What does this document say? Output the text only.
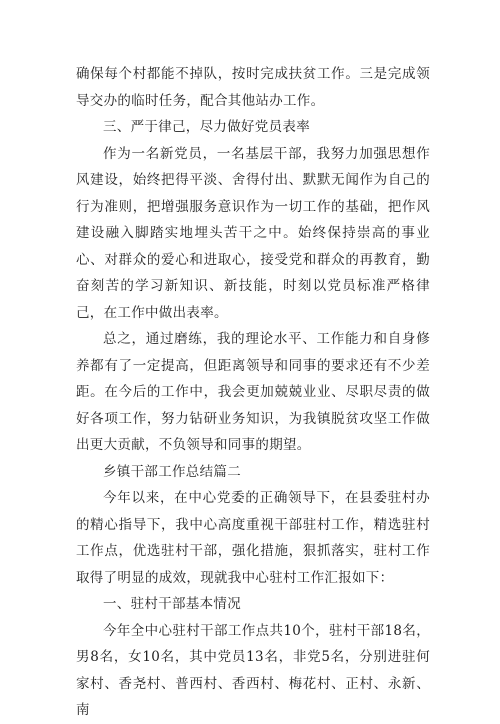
确保每个村都能不掉队，按时完成扶贫工作。三是完成领导交办的临时任务，配合其他站办工作。

三、严于律己，尽力做好党员表率

作为一名新党员，一名基层干部，我努力加强思想作风建设，始终把得平淡、舍得付出、默默无闻作为自己的行为准则，把增强服务意识作为一切工作的基础，把作风建设融入脚踏实地埋头苦干之中。始终保持崇高的事业心、对群众的爱心和进取心，接受党和群众的再教育，勤奋刻苦的学习新知识、新技能，时刻以党员标准严格律己，在工作中做出表率。

总之，通过磨练，我的理论水平、工作能力和自身修养都有了一定提高，但距离领导和同事的要求还有不少差距。在今后的工作中，我会更加兢兢业业、尽职尽责的做好各项工作，努力钻研业务知识，为我镇脱贫攻坚工作做出更大贡献，不负领导和同事的期望。

乡镇干部工作总结篇二

今年以来，在中心党委的正确领导下，在县委驻村办的精心指导下，我中心高度重视干部驻村工作，精选驻村工作点，优选驻村干部，强化措施，狠抓落实，驻村工作取得了明显的成效，现就我中心驻村工作汇报如下：

一、驻村干部基本情况

今年全中心驻村干部工作点共10个，驻村干部18名，男8名，女10名，其中党员13名，非党5名，分别进驻何家村、香尧村、普西村、香西村、梅花村、正村、永新、南
